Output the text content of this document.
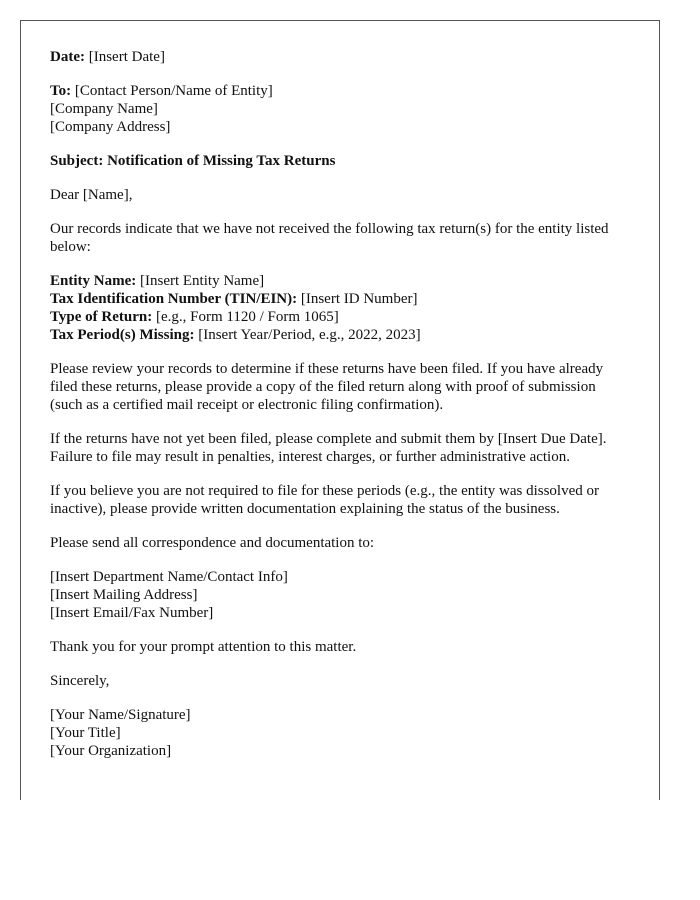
Date: [Insert Date]

To: [Contact Person/Name of Entity]
[Company Name]
[Company Address]

Subject: Notification of Missing Tax Returns

Dear [Name],

Our records indicate that we have not received the following tax return(s) for the entity listed below:

Entity Name: [Insert Entity Name]
Tax Identification Number (TIN/EIN): [Insert ID Number]
Type of Return: [e.g., Form 1120 / Form 1065]
Tax Period(s) Missing: [Insert Year/Period, e.g., 2022, 2023]

Please review your records to determine if these returns have been filed. If you have already filed these returns, please provide a copy of the filed return along with proof of submission (such as a certified mail receipt or electronic filing confirmation).

If the returns have not yet been filed, please complete and submit them by [Insert Due Date]. Failure to file may result in penalties, interest charges, or further administrative action.

If you believe you are not required to file for these periods (e.g., the entity was dissolved or inactive), please provide written documentation explaining the status of the business.

Please send all correspondence and documentation to:

[Insert Department Name/Contact Info]
[Insert Mailing Address]
[Insert Email/Fax Number]

Thank you for your prompt attention to this matter.

Sincerely,

[Your Name/Signature]
[Your Title]
[Your Organization]
